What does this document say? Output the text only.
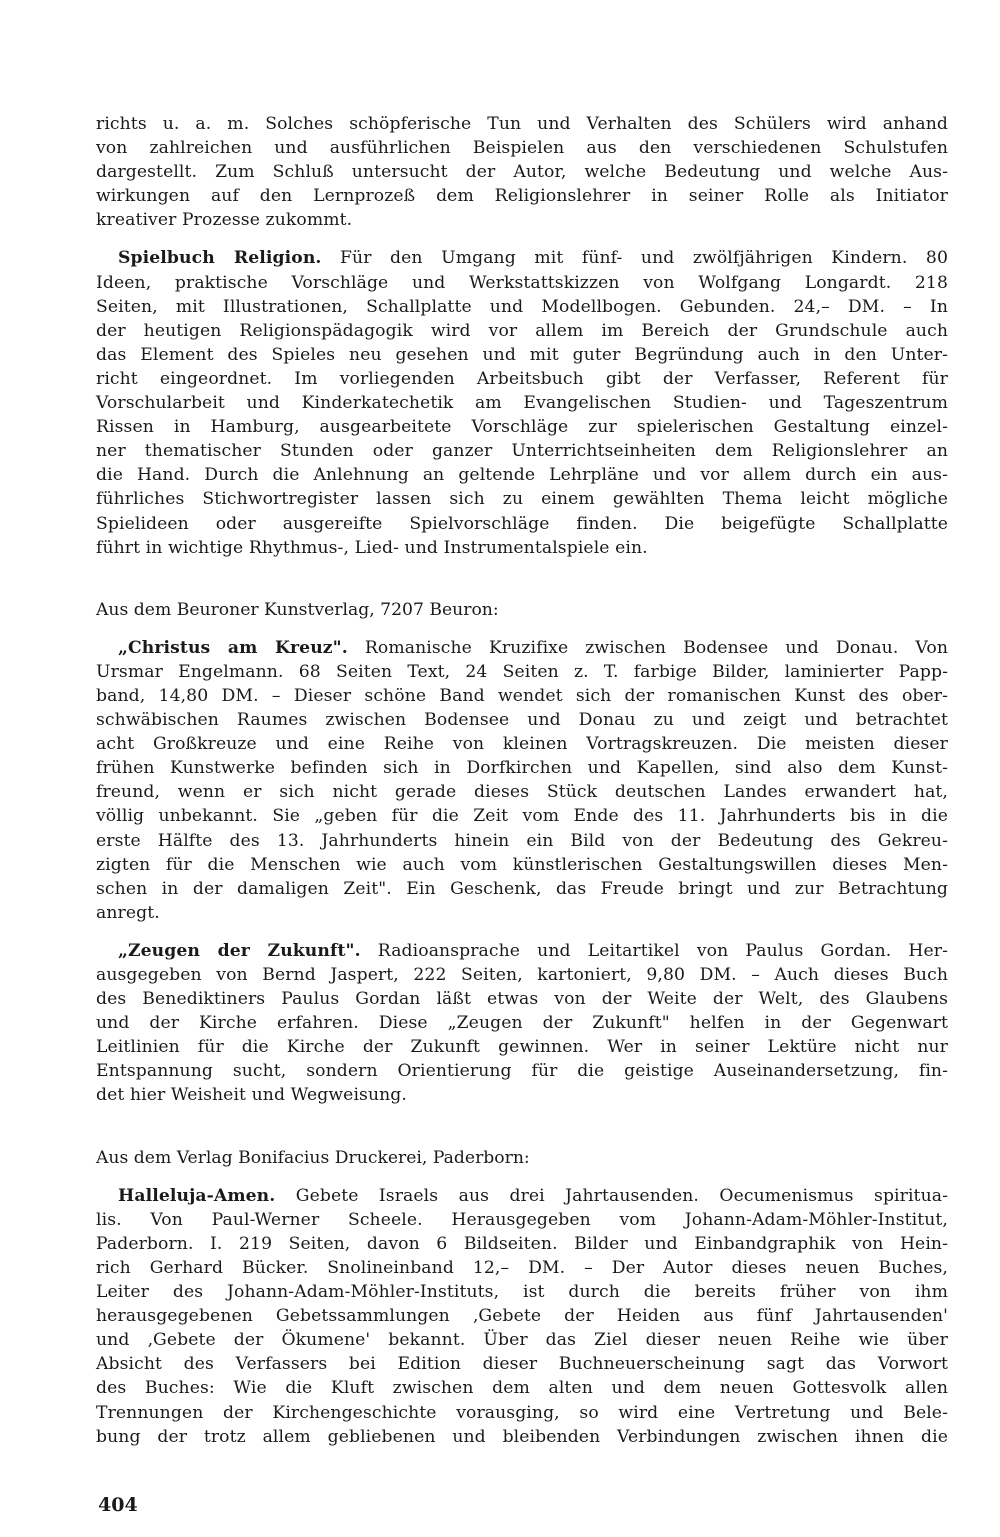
richts u. a. m. Solches schöpferische Tun und Verhalten des Schülers wird anhand
von zahlreichen und ausführlichen Beispielen aus den verschiedenen Schulstufen
dargestellt. Zum Schluß untersucht der Autor, welche Bedeutung und welche Aus-
wirkungen auf den Lernprozeß dem Religionslehrer in seiner Rolle als Initiator
kreativer Prozesse zukommt.
Spielbuch Religion. Für den Umgang mit fünf- und zwölfjährigen Kindern. 80
Ideen, praktische Vorschläge und Werkstattskizzen von Wolfgang Longardt. 218
Seiten, mit Illustrationen, Schallplatte und Modellbogen. Gebunden. 24,– DM. – In
der heutigen Religionspädagogik wird vor allem im Bereich der Grundschule auch
das Element des Spieles neu gesehen und mit guter Begründung auch in den Unter-
richt eingeordnet. Im vorliegenden Arbeitsbuch gibt der Verfasser, Referent für
Vorschularbeit und Kinderkatechetik am Evangelischen Studien- und Tageszentrum
Rissen in Hamburg, ausgearbeitete Vorschläge zur spielerischen Gestaltung einzel-
ner thematischer Stunden oder ganzer Unterrichtseinheiten dem Religionslehrer an
die Hand. Durch die Anlehnung an geltende Lehrpläne und vor allem durch ein aus-
führliches Stichwortregister lassen sich zu einem gewählten Thema leicht mögliche
Spielideen oder ausgereifte Spielvorschläge finden. Die beigefügte Schallplatte
führt in wichtige Rhythmus-, Lied- und Instrumentalspiele ein.
Aus dem Beuroner Kunstverlag, 7207 Beuron:
„Christus am Kreuz". Romanische Kruzifixe zwischen Bodensee und Donau. Von
Ursmar Engelmann. 68 Seiten Text, 24 Seiten z. T. farbige Bilder, laminierter Papp-
band, 14,80 DM. – Dieser schöne Band wendet sich der romanischen Kunst des ober-
schwäbischen Raumes zwischen Bodensee und Donau zu und zeigt und betrachtet
acht Großkreuze und eine Reihe von kleinen Vortragskreuzen. Die meisten dieser
frühen Kunstwerke befinden sich in Dorfkirchen und Kapellen, sind also dem Kunst-
freund, wenn er sich nicht gerade dieses Stück deutschen Landes erwandert hat,
völlig unbekannt. Sie „geben für die Zeit vom Ende des 11. Jahrhunderts bis in die
erste Hälfte des 13. Jahrhunderts hinein ein Bild von der Bedeutung des Gekreu-
zigten für die Menschen wie auch vom künstlerischen Gestaltungswillen dieses Men-
schen in der damaligen Zeit". Ein Geschenk, das Freude bringt und zur Betrachtung
anregt.
„Zeugen der Zukunft". Radioansprache und Leitartikel von Paulus Gordan. Her-
ausgegeben von Bernd Jaspert, 222 Seiten, kartoniert, 9,80 DM. – Auch dieses Buch
des Benediktiners Paulus Gordan läßt etwas von der Weite der Welt, des Glaubens
und der Kirche erfahren. Diese „Zeugen der Zukunft" helfen in der Gegenwart
Leitlinien für die Kirche der Zukunft gewinnen. Wer in seiner Lektüre nicht nur
Entspannung sucht, sondern Orientierung für die geistige Auseinandersetzung, fin-
det hier Weisheit und Wegweisung.
Aus dem Verlag Bonifacius Druckerei, Paderborn:
Halleluja-Amen. Gebete Israels aus drei Jahrtausenden. Oecumenismus spiritua-
lis. Von Paul-Werner Scheele. Herausgegeben vom Johann-Adam-Möhler-Institut,
Paderborn. I. 219 Seiten, davon 6 Bildseiten. Bilder und Einbandgraphik von Hein-
rich Gerhard Bücker. Snolineinband 12,– DM. – Der Autor dieses neuen Buches,
Leiter des Johann-Adam-Möhler-Instituts, ist durch die bereits früher von ihm
herausgegebenen Gebetssammlungen ‚Gebete der Heiden aus fünf Jahrtausenden'
und ‚Gebete der Ökumene' bekannt. Über das Ziel dieser neuen Reihe wie über
Absicht des Verfassers bei Edition dieser Buchneuerscheinung sagt das Vorwort
des Buches: Wie die Kluft zwischen dem alten und dem neuen Gottesvolk allen
Trennungen der Kirchengeschichte vorausging, so wird eine Vertretung und Bele-
bung der trotz allem gebliebenen und bleibenden Verbindungen zwischen ihnen die
404
